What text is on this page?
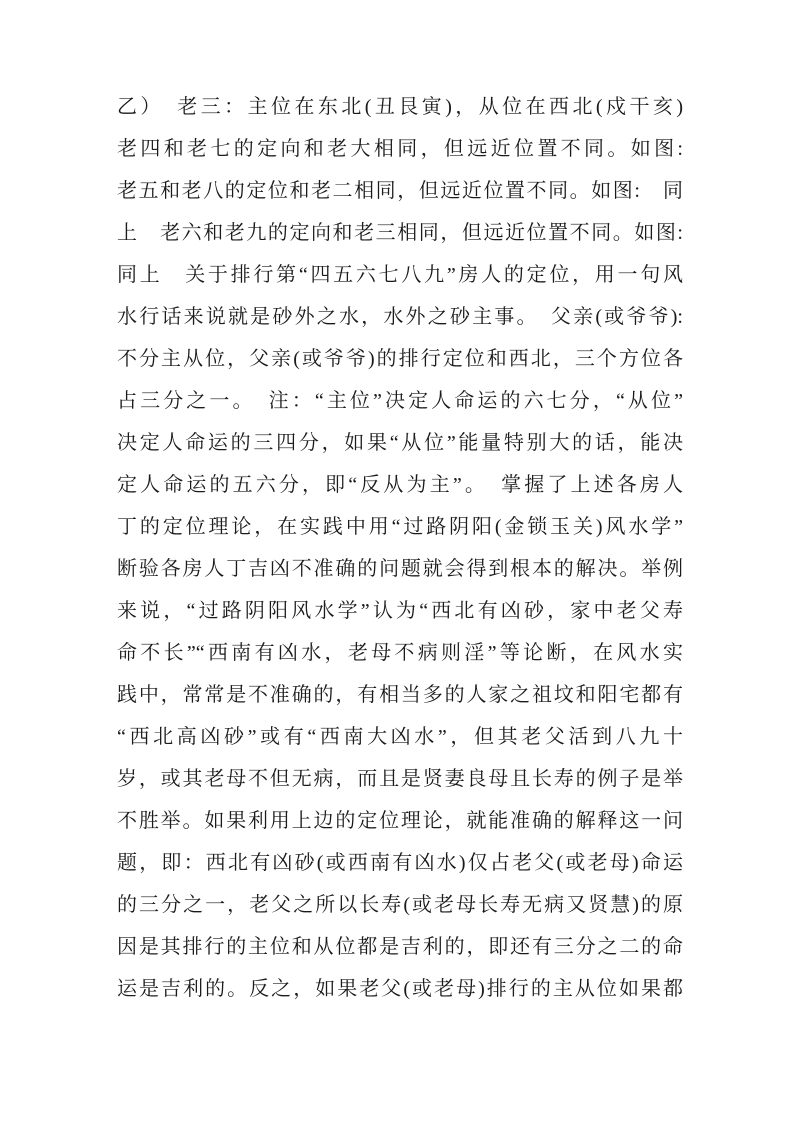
乙）　老三：主位在东北(丑艮寅)，从位在西北(戍干亥)
老四和老七的定向和老大相同，但远近位置不同。如图:
老五和老八的定位和老二相同，但远近位置不同。如图:　同
上　老六和老九的定向和老三相同，但远近位置不同。如图:
同上　关于排行第“四五六七八九”房人的定位，用一句风
水行话来说就是砂外之水，水外之砂主事。　父亲(或爷爷):
不分主从位，父亲(或爷爷)的排行定位和西北，三个方位各
占三分之一。　注：“主位”决定人命运的六七分，“从位”
决定人命运的三四分，如果“从位”能量特别大的话，能决
定人命运的五六分，即“反从为主”。　掌握了上述各房人
丁的定位理论，在实践中用“过路阴阳(金锁玉关)风水学”
断验各房人丁吉凶不准确的问题就会得到根本的解决。举例
来说，“过路阴阳风水学”认为“西北有凶砂，家中老父寿
命不长”“西南有凶水，老母不病则淫”等论断，在风水实
践中，常常是不准确的，有相当多的人家之祖坟和阳宅都有
“西北高凶砂”或有“西南大凶水”，但其老父活到八九十
岁，或其老母不但无病，而且是贤妻良母且长寿的例子是举
不胜举。如果利用上边的定位理论，就能准确的解释这一问
题，即：西北有凶砂(或西南有凶水)仅占老父(或老母)命运
的三分之一，老父之所以长寿(或老母长寿无病又贤慧)的原
因是其排行的主位和从位都是吉利的，即还有三分之二的命
运是吉利的。反之，如果老父(或老母)排行的主从位如果都
